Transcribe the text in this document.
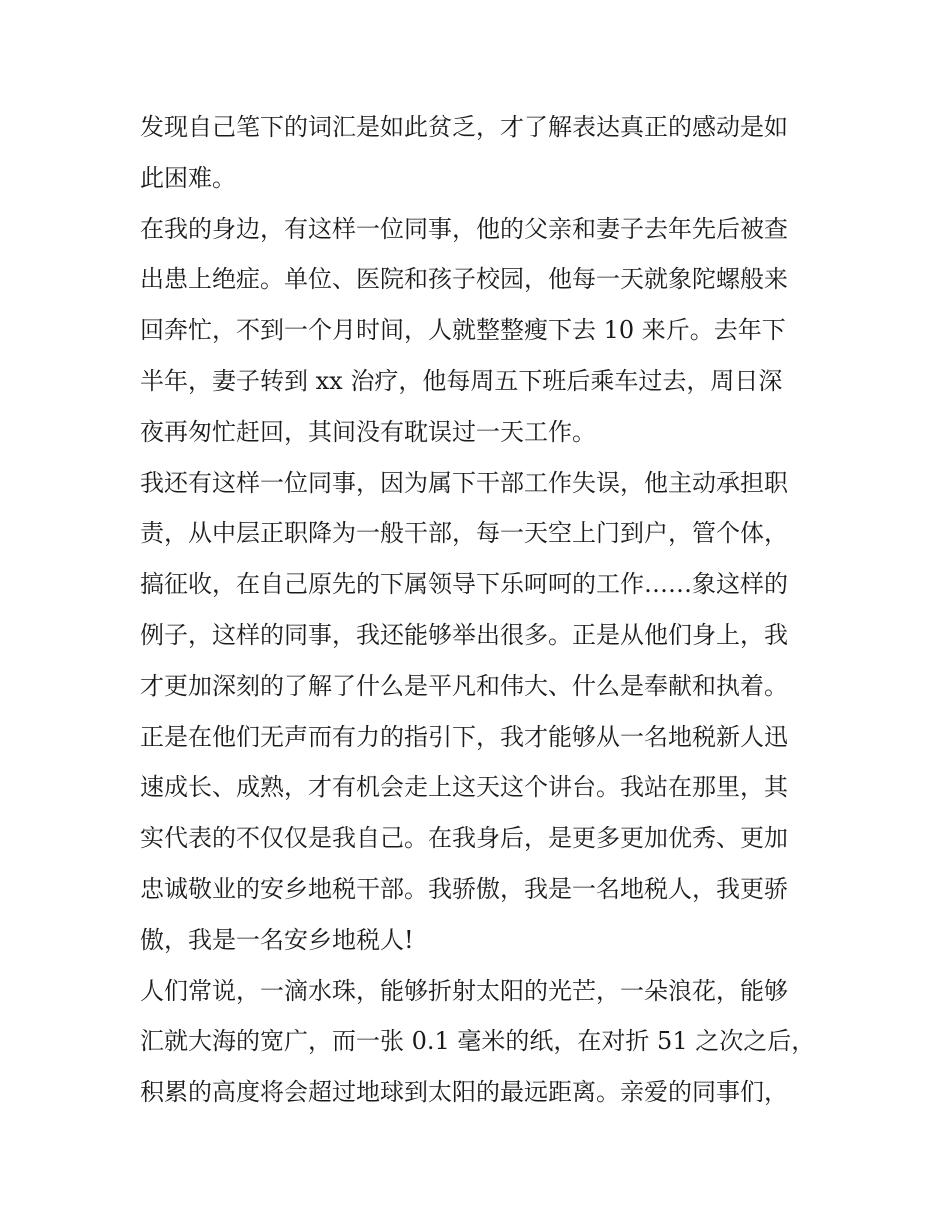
发现自己笔下的词汇是如此贫乏，才了解表达真正的感动是如
此困难。
在我的身边，有这样一位同事，他的父亲和妻子去年先后被查
出患上绝症。单位、医院和孩子校园，他每一天就象陀螺般来
回奔忙，不到一个月时间，人就整整瘦下去 10 来斤。去年下
半年，妻子转到 xx 治疗，他每周五下班后乘车过去，周日深
夜再匆忙赶回，其间没有耽误过一天工作。
我还有这样一位同事，因为属下干部工作失误，他主动承担职
责，从中层正职降为一般干部，每一天空上门到户，管个体，
搞征收，在自己原先的下属领导下乐呵呵的工作……象这样的
例子，这样的同事，我还能够举出很多。正是从他们身上，我
才更加深刻的了解了什么是平凡和伟大、什么是奉献和执着。
正是在他们无声而有力的指引下，我才能够从一名地税新人迅
速成长、成熟，才有机会走上这天这个讲台。我站在那里，其
实代表的不仅仅是我自己。在我身后，是更多更加优秀、更加
忠诚敬业的安乡地税干部。我骄傲，我是一名地税人，我更骄
傲，我是一名安乡地税人!
人们常说，一滴水珠，能够折射太阳的光芒，一朵浪花，能够
汇就大海的宽广，而一张 0.1 毫米的纸，在对折 51 之次之后，
积累的高度将会超过地球到太阳的最远距离。亲爱的同事们，
